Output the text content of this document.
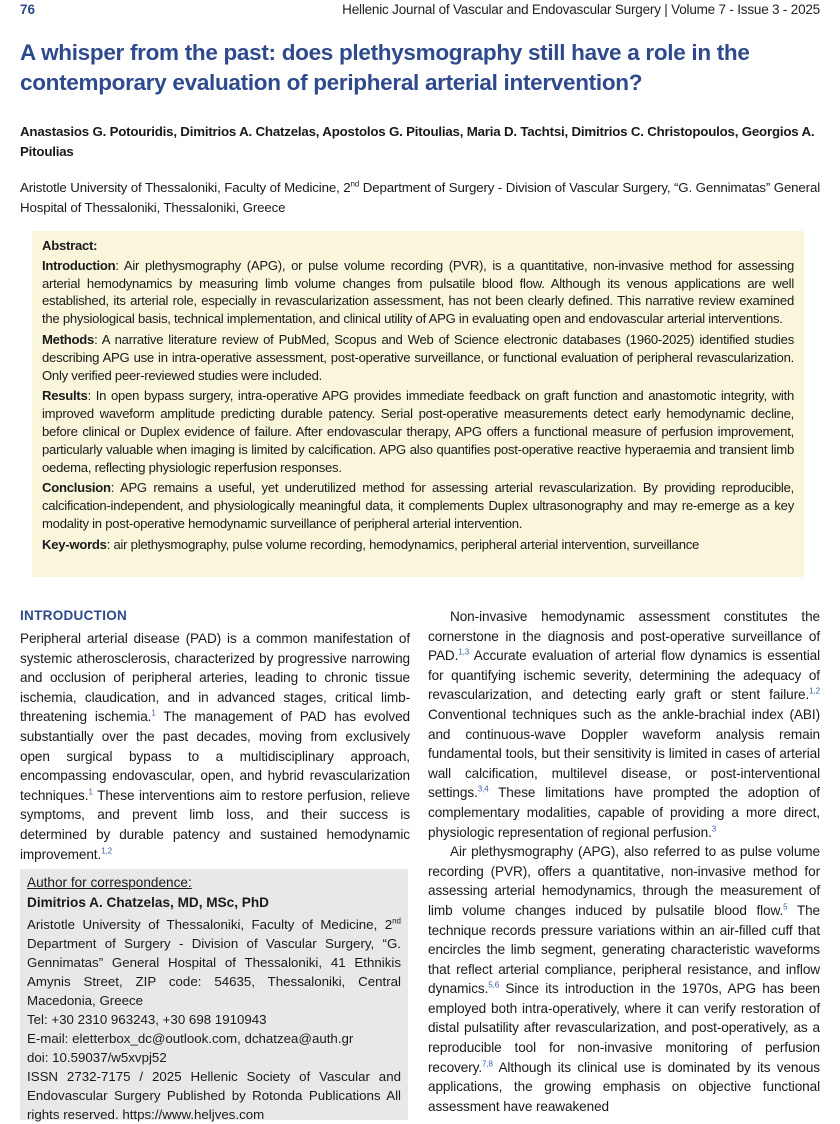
76	Hellenic Journal of Vascular and Endovascular Surgery | Volume 7 - Issue 3 - 2025
A whisper from the past: does plethysmography still have a role in the contemporary evaluation of peripheral arterial intervention?
Anastasios G. Potouridis, Dimitrios A. Chatzelas, Apostolos G. Pitoulias, Maria D. Tachtsi, Dimitrios C. Christopoulos, Georgios A. Pitoulias
Aristotle University of Thessaloniki, Faculty of Medicine, 2nd Department of Surgery - Division of Vascular Surgery, “G. Gennimatas” General Hospital of Thessaloniki, Thessaloniki, Greece

Abstract:

Introduction: Air plethysmography (APG), or pulse volume recording (PVR), is a quantitative, non-invasive method for assessing arterial hemodynamics by measuring limb volume changes from pulsatile blood flow. Although its venous applications are well established, its arterial role, especially in revascularization assessment, has not been clearly defined. This narrative review examined the physiological basis, technical implementation, and clinical utility of APG in evaluating open and endovascular arterial interventions.

Methods: A narrative literature review of PubMed, Scopus and Web of Science electronic databases (1960-2025) identified studies describing APG use in intra-operative assessment, post-operative surveillance, or functional evaluation of peripheral revascularization. Only verified peer-reviewed studies were included.

Results: In open bypass surgery, intra-operative APG provides immediate feedback on graft function and anastomotic integrity, with improved waveform amplitude predicting durable patency. Serial post-operative measurements detect early hemodynamic decline, before clinical or Duplex evidence of failure. After endovascular therapy, APG offers a functional measure of perfusion improvement, particularly valuable when imaging is limited by calcification. APG also quantifies post-operative reactive hyperaemia and transient limb oedema, reflecting physiologic reperfusion responses.

Conclusion: APG remains a useful, yet underutilized method for assessing arterial revascularization. By providing reproducible, calcification-independent, and physiologically meaningful data, it complements Duplex ultrasonography and may re-emerge as a key modality in post-operative hemodynamic surveillance of peripheral arterial intervention.

Key-words: air plethysmography, pulse volume recording, hemodynamics, peripheral arterial intervention, surveillance

INTRODUCTION

Peripheral arterial disease (PAD) is a common manifestation of systemic atherosclerosis, characterized by progressive narrowing and occlusion of peripheral arteries, leading to chronic tissue ischemia, claudication, and in advanced stages, critical limb-threatening ischemia.$^1$ The management of PAD has evolved substantially over the past decades, moving from exclusively open surgical bypass to a multidisciplinary approach, encompassing endovascular, open, and hybrid revascularization techniques.$^1$ These interventions aim to restore perfusion, relieve symptoms, and prevent limb loss, and their success is determined by durable patency and sustained hemodynamic improvement.$^{1,2}$

Non-invasive hemodynamic assessment constitutes the cornerstone in the diagnosis and post-operative surveillance of PAD.$^{1,3}$ Accurate evaluation of arterial flow dynamics is essential for quantifying ischemic severity, determining the adequacy of revascularization, and detecting early graft or stent failure.$^{1,2}$ Conventional techniques such as the ankle-brachial index (ABI) and continuous-wave Doppler waveform analysis remain fundamental tools, but their sensitivity is limited in cases of arterial wall calcification, multilevel disease, or post-interventional settings.$^{3,4}$ These limitations have prompted the adoption of complementary modalities, capable of providing a more direct, physiologic representation of regional perfusion.$^3$

Air plethysmography (APG), also referred to as pulse volume recording (PVR), offers a quantitative, non-invasive method for assessing arterial hemodynamics, through the measurement of limb volume changes induced by pulsatile blood flow.$^5$ The technique records pressure variations within an air-filled cuff that encircles the limb segment, generating characteristic waveforms that reflect arterial compliance, peripheral resistance, and inflow dynamics.$^{5,6}$ Since its introduction in the 1970s, APG has been employed both intra-operatively, where it can verify restoration of distal pulsatility after revascularization, and post-operatively, as a reproducible tool for non-invasive monitoring of perfusion recovery.$^{7,8}$ Although its clinical use is dominated by its venous applications, the growing emphasis on objective functional assessment have reawakened

Author for correspondence:
Dimitrios A. Chatzelas, MD, MSc, PhD
Aristotle University of Thessaloniki, Faculty of Medicine, 2nd Department of Surgery - Division of Vascular Surgery, “G. Gennimatas” General Hospital of Thessaloniki, 41 Ethnikis Amynis Street, ZIP code: 54635, Thessaloniki, Central Macedonia, Greece
Tel: +30 2310 963243, +30 698 1910943
E-mail: eletterbox_dc@outlook.com, dchatzea@auth.gr
doi: 10.59037/w5xvpj52
ISSN 2732-7175 / 2025 Hellenic Society of Vascular and Endovascular Surgery Published by Rotonda Publications All rights reserved. https://www.heljves.com
